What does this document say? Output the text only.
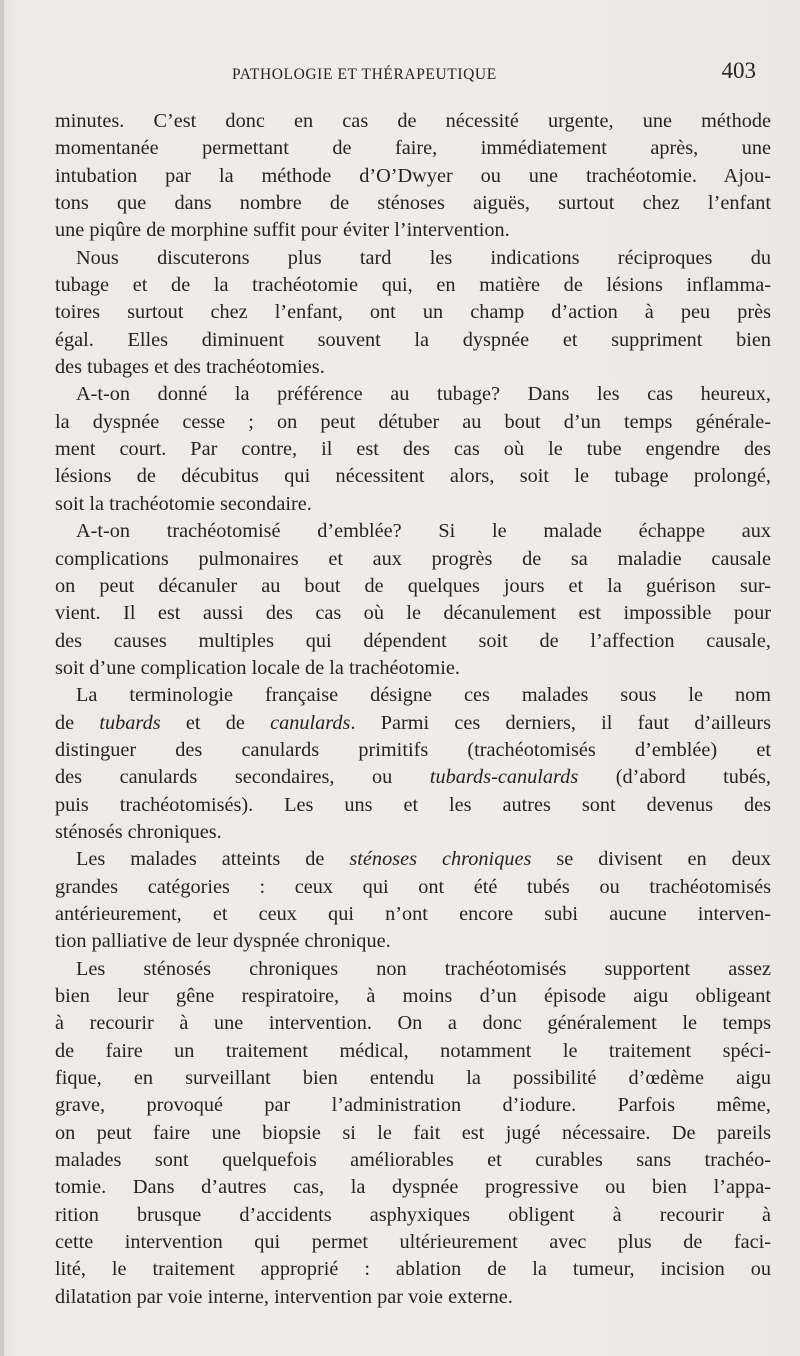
PATHOLOGIE ET THÉRAPEUTIQUE	403
minutes. C’est donc en cas de nécessité urgente, une méthode
momentanée permettant de faire, immédiatement après, une
intubation par la méthode d’O’Dwyer ou une trachéotomie. Ajou-
tons que dans nombre de sténoses aiguës, surtout chez l’enfant
une piqûre de morphine suffit pour éviter l’intervention.
Nous discuterons plus tard les indications réciproques du
tubage et de la trachéotomie qui, en matière de lésions inflamma-
toires surtout chez l’enfant, ont un champ d’action à peu près
égal. Elles diminuent souvent la dyspnée et suppriment bien
des tubages et des trachéotomies.
A-t-on donné la préférence au tubage? Dans les cas heureux,
la dyspnée cesse ; on peut détuber au bout d’un temps générale-
ment court. Par contre, il est des cas où le tube engendre des
lésions de décubitus qui nécessitent alors, soit le tubage prolongé,
soit la trachéotomie secondaire.
A-t-on trachéotomisé d’emblée? Si le malade échappe aux
complications pulmonaires et aux progrès de sa maladie causale
on peut décanuler au bout de quelques jours et la guérison sur-
vient. Il est aussi des cas où le décanulement est impossible pour
des causes multiples qui dépendent soit de l’affection causale,
soit d’une complication locale de la trachéotomie.
La terminologie française désigne ces malades sous le nom
de tubards et de canulards. Parmi ces derniers, il faut d’ailleurs
distinguer des canulards primitifs (trachéotomisés d’emblée) et
des canulards secondaires, ou tubards-canulards (d’abord tubés,
puis trachéotomisés). Les uns et les autres sont devenus des
sténosés chroniques.
Les malades atteints de sténoses chroniques se divisent en deux
grandes catégories : ceux qui ont été tubés ou trachéotomisés
antérieurement, et ceux qui n’ont encore subi aucune interven-
tion palliative de leur dyspnée chronique.
Les sténosés chroniques non trachéotomisés supportent assez
bien leur gêne respiratoire, à moins d’un épisode aigu obligeant
à recourir à une intervention. On a donc généralement le temps
de faire un traitement médical, notamment le traitement spéci-
fique, en surveillant bien entendu la possibilité d’œdème aigu
grave, provoqué par l’administration d’iodure. Parfois même,
on peut faire une biopsie si le fait est jugé nécessaire. De pareils
malades sont quelquefois améliorables et curables sans trachéo-
tomie. Dans d’autres cas, la dyspnée progressive ou bien l’appa-
rition brusque d’accidents asphyxiques obligent à recourir à
cette intervention qui permet ultérieurement avec plus de faci-
lité, le traitement approprié : ablation de la tumeur, incision ou
dilatation par voie interne, intervention par voie externe.
